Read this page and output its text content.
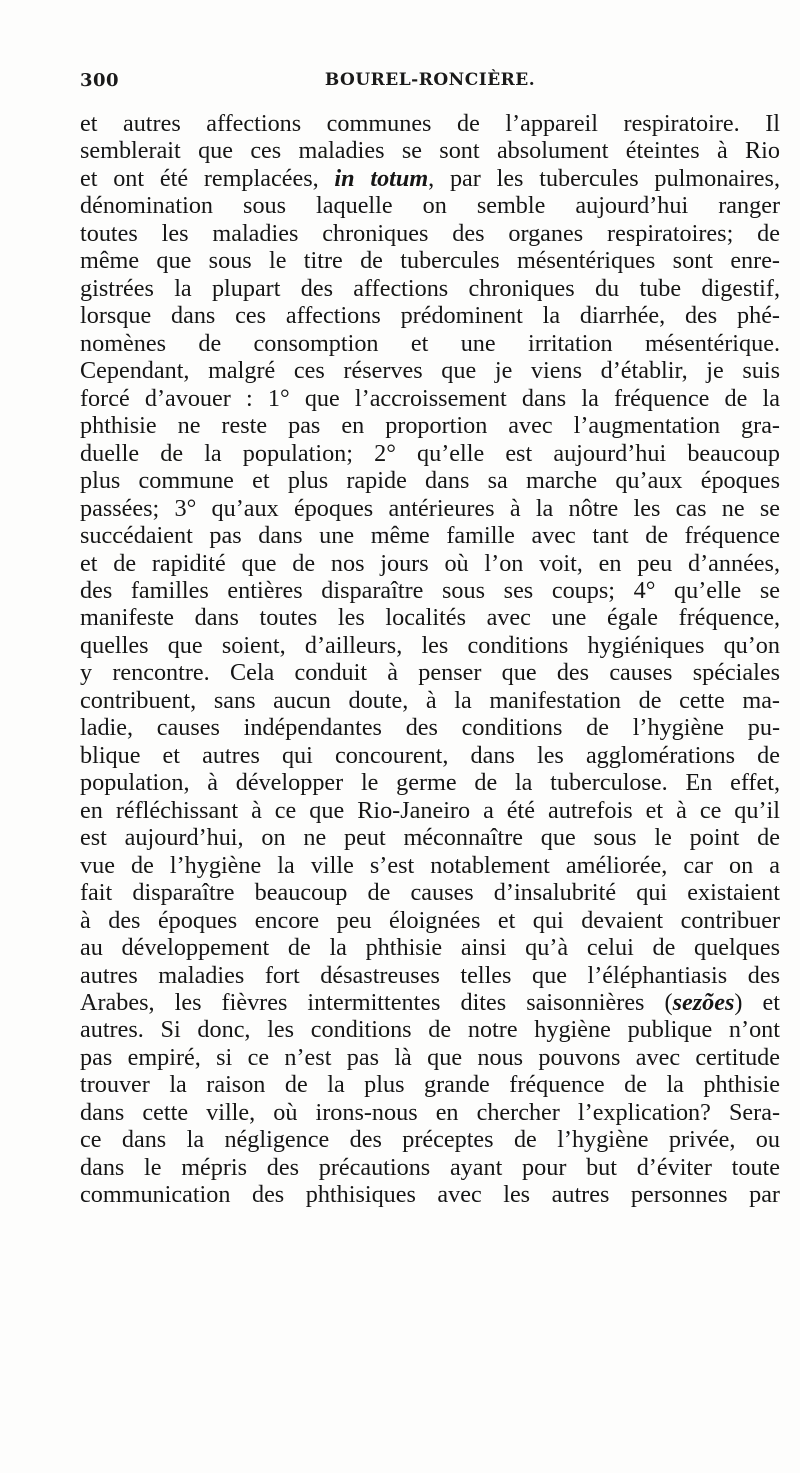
300	BOUREL-RONCIÈRE.
et autres affections communes de l’appareil respiratoire. Il
semblerait que ces maladies se sont absolument éteintes à Rio
et ont été remplacées, in totum, par les tubercules pulmonaires,
dénomination sous laquelle on semble aujourd’hui ranger
toutes les maladies chroniques des organes respiratoires; de
même que sous le titre de tubercules mésentériques sont enre-
gistrées la plupart des affections chroniques du tube digestif,
lorsque dans ces affections prédominent la diarrhée, des phé-
nomènes de consomption et une irritation mésentérique.
Cependant, malgré ces réserves que je viens d’établir, je suis
forcé d’avouer : 1° que l’accroissement dans la fréquence de la
phthisie ne reste pas en proportion avec l’augmentation gra-
duelle de la population; 2° qu’elle est aujourd’hui beaucoup
plus commune et plus rapide dans sa marche qu’aux époques
passées; 3° qu’aux époques antérieures à la nôtre les cas ne se
succédaient pas dans une même famille avec tant de fréquence
et de rapidité que de nos jours où l’on voit, en peu d’années,
des familles entières disparaître sous ses coups; 4° qu’elle se
manifeste dans toutes les localités avec une égale fréquence,
quelles que soient, d’ailleurs, les conditions hygiéniques qu’on
y rencontre. Cela conduit à penser que des causes spéciales
contribuent, sans aucun doute, à la manifestation de cette ma-
ladie, causes indépendantes des conditions de l’hygiène pu-
blique et autres qui concourent, dans les agglomérations de
population, à développer le germe de la tuberculose. En effet,
en réfléchissant à ce que Rio-Janeiro a été autrefois et à ce qu’il
est aujourd’hui, on ne peut méconnaître que sous le point de
vue de l’hygiène la ville s’est notablement améliorée, car on a
fait disparaître beaucoup de causes d’insalubrité qui existaient
à des époques encore peu éloignées et qui devaient contribuer
au développement de la phthisie ainsi qu’à celui de quelques
autres maladies fort désastreuses telles que l’éléphantiasis des
Arabes, les fièvres intermittentes dites saisonnières (sezões) et
autres. Si donc, les conditions de notre hygiène publique n’ont
pas empiré, si ce n’est pas là que nous pouvons avec certitude
trouver la raison de la plus grande fréquence de la phthisie
dans cette ville, où irons-nous en chercher l’explication? Sera-
ce dans la négligence des préceptes de l’hygiène privée, ou
dans le mépris des précautions ayant pour but d’éviter toute
communication des phthisiques avec les autres personnes par
